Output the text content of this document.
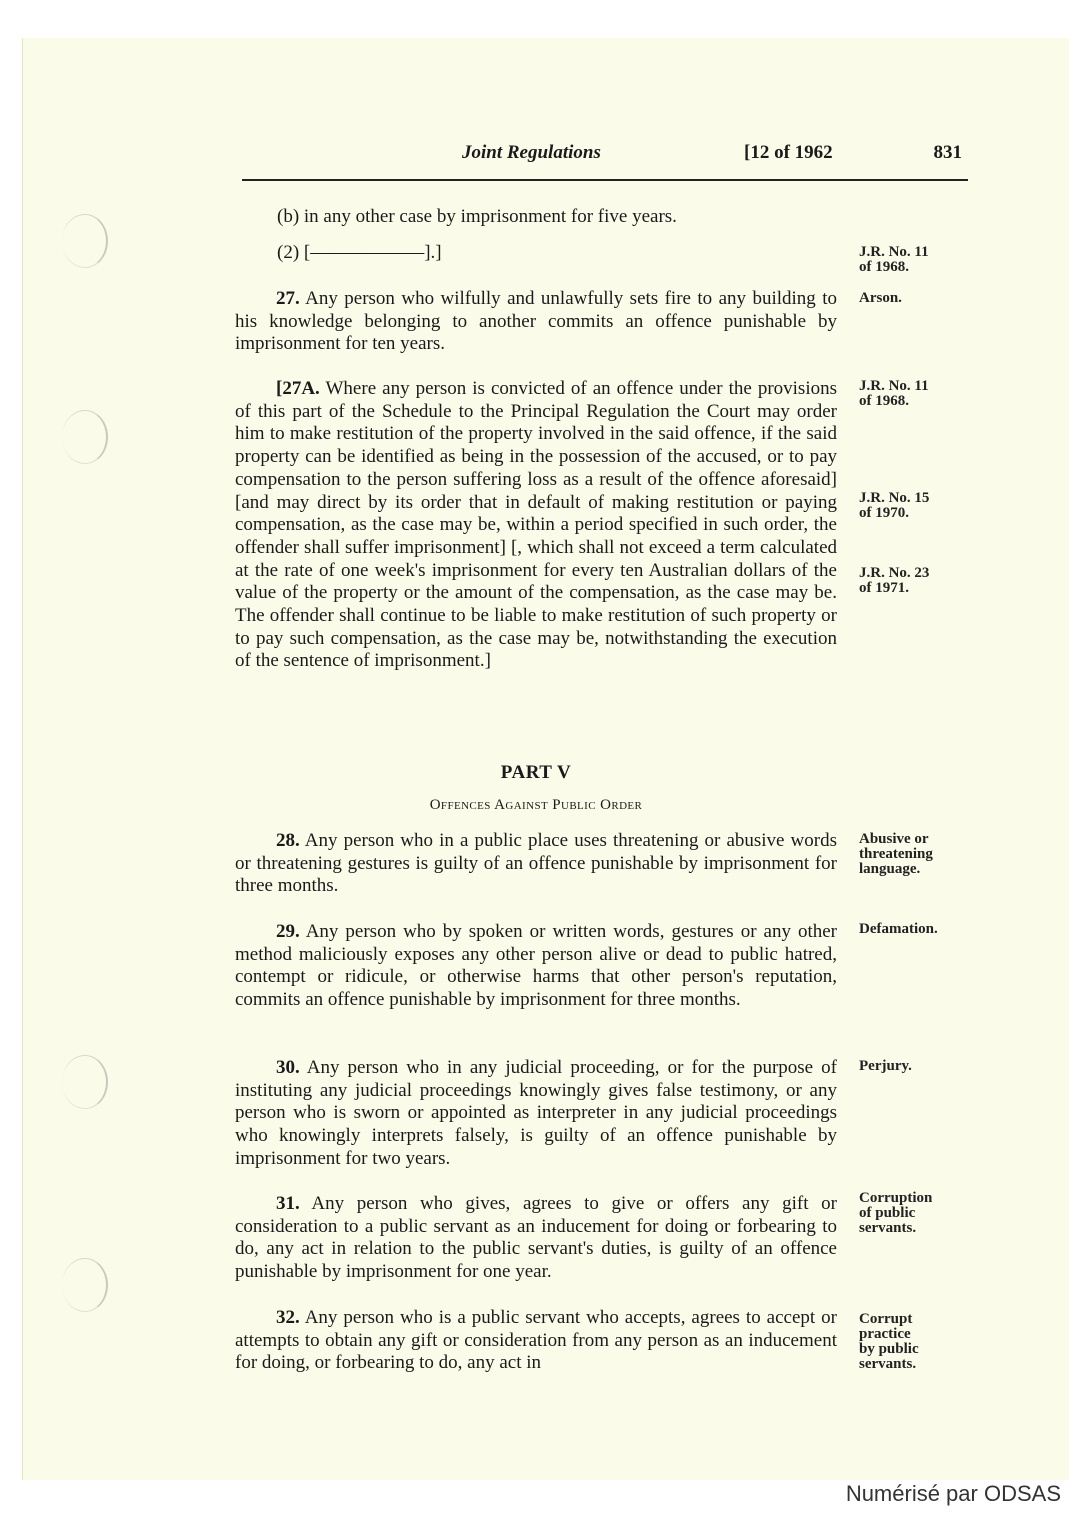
Joint Regulations	[12 of 1962	831
(b) in any other case by imprisonment for five years.
(2) [——————].]
27. Any person who wilfully and unlawfully sets fire to any building to his knowledge belonging to another commits an offence punishable by imprisonment for ten years.
[27A. Where any person is convicted of an offence under the provisions of this part of the Schedule to the Principal Regulation the Court may order him to make restitution of the property involved in the said offence, if the said property can be identified as being in the possession of the accused, or to pay compensation to the person suffering loss as a result of the offence aforesaid] [and may direct by its order that in default of making restitution or paying compensation, as the case may be, within a period specified in such order, the offender shall suffer imprisonment] [, which shall not exceed a term calculated at the rate of one week's imprisonment for every ten Australian dollars of the value of the property or the amount of the compensation, as the case may be. The offender shall continue to be liable to make restitution of such property or to pay such compensation, as the case may be, notwithstanding the execution of the sentence of imprisonment.]
PART V
Offences Against Public Order
28. Any person who in a public place uses threatening or abusive words or threatening gestures is guilty of an offence punishable by imprisonment for three months.
29. Any person who by spoken or written words, gestures or any other method maliciously exposes any other person alive or dead to public hatred, contempt or ridicule, or otherwise harms that other person's reputation, commits an offence punishable by imprisonment for three months.
30. Any person who in any judicial proceeding, or for the purpose of instituting any judicial proceedings knowingly gives false testimony, or any person who is sworn or appointed as interpreter in any judicial proceedings who knowingly interprets falsely, is guilty of an offence punishable by imprisonment for two years.
31. Any person who gives, agrees to give or offers any gift or consideration to a public servant as an inducement for doing or forbearing to do, any act in relation to the public servant's duties, is guilty of an offence punishable by imprisonment for one year.
32. Any person who is a public servant who accepts, agrees to accept or attempts to obtain any gift or consideration from any person as an inducement for doing, or forbearing to do, any act in
J.R. No. 11
of 1968.
Arson.
J.R. No. 11
of 1968.
J.R. No. 15
of 1970.
J.R. No. 23
of 1971.
Abusive or
threatening
language.
Defamation.
Perjury.
Corruption
of public
servants.
Corrupt
practice
by public
servants.
Numérisé par ODSAS
